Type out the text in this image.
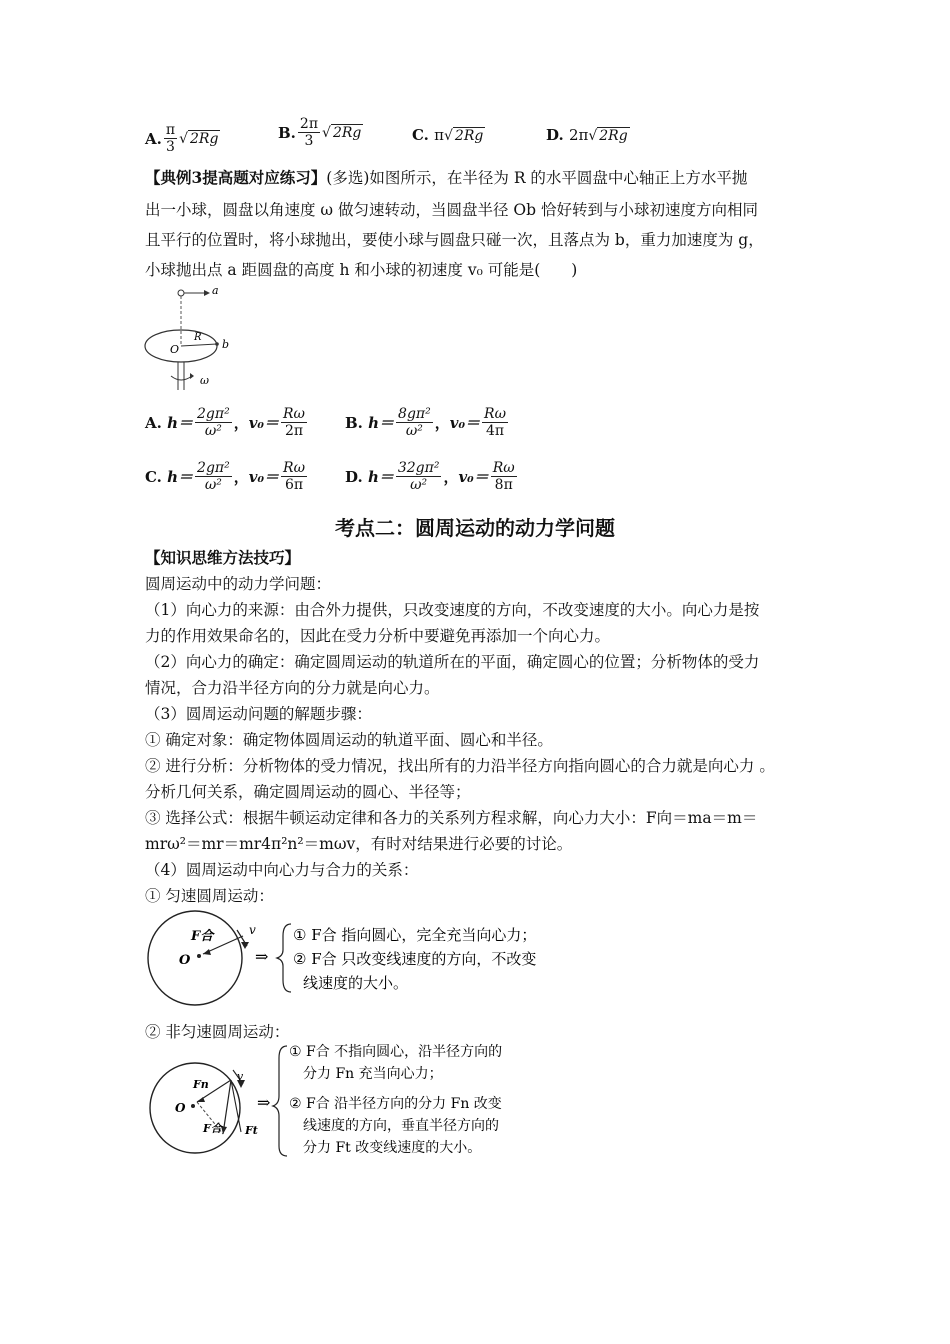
A. $\frac{\pi}{3}$ √ 2Rg	B. $\frac{2\pi}{3}$ √ 2Rg	C.
π √ 2Rg	D.
2π √ 2Rg
【典例3提高题对应练习】(多选)如图所示，在半径为 R 的水平圆盘中心轴正上方水平抛
出一小球，圆盘以角速度 ω 做匀速转动，当圆盘半径 Ob 恰好转到与小球初速度方向相同
且平行的位置时，将小球抛出，要使小球与圆盘只碰一次，且落点为 b，重力加速度为 g，
小球抛出点 a 距圆盘的高度 h 和小球的初速度 v₀ 可能是(　　)
a
R
b
O
ω
A.
$h= \frac{\text{2gπ²}}{\text{ω²}}$ ， $v_0= \frac{R\omega}{2\pi}$	B.
$h= \frac{\text{8gπ²}}{\text{ω²}}$ ， $v_0= \frac{R\omega}{4\pi}$
C.
$h= \frac{\text{2gπ²}}{\text{ω²}}$ ， $v_0= \frac{R\omega}{6\pi}$	D.
$h= \frac{\text{32gπ²}}{\text{ω²}}$ ， $v_0= \frac{R\omega}{8\pi}$
考点二：圆周运动的动力学问题
【知识思维方法技巧】
圆周运动中的动力学问题：
（1）向心力的来源：由合外力提供，只改变速度的方向，不改变速度的大小。向心力是按
力的作用效果命名的，因此在受力分析中要避免再添加一个向心力。
（2）向心力的确定：确定圆周运动的轨道所在的平面，确定圆心的位置；分析物体的受力
情况，合力沿半径方向的分力就是向心力。
（3）圆周运动问题的解题步骤：
① 确定对象：确定物体圆周运动的轨道平面、圆心和半径。
② 进行分析：分析物体的受力情况，找出所有的力沿半径方向指向圆心的合力就是向心力 。
分析几何关系，确定圆周运动的圆心、半径等；
③ 选择公式：根据牛顿运动定律和各力的关系列方程求解，向心力大小：F向＝ma＝m＝
mrω²＝mr＝mr4π²n²＝mωv，有时对结果进行必要的讨论。
（4）圆周运动中向心力与合力的关系：
① 匀速圆周运动：
F合
O
v
⇒
① F合 指向圆心，完全充当向心力；
② F合 只改变线速度的方向，不改变
线速度的大小。
② 非匀速圆周运动：
Fn
O
F合 Ft
v
⇒
① F合 不指向圆心，沿半径方向的
分力 Fn 充当向心力；
② F合 沿半径方向的分力 Fn 改变
线速度的方向，垂直半径方向的
分力 Ft 改变线速度的大小。
